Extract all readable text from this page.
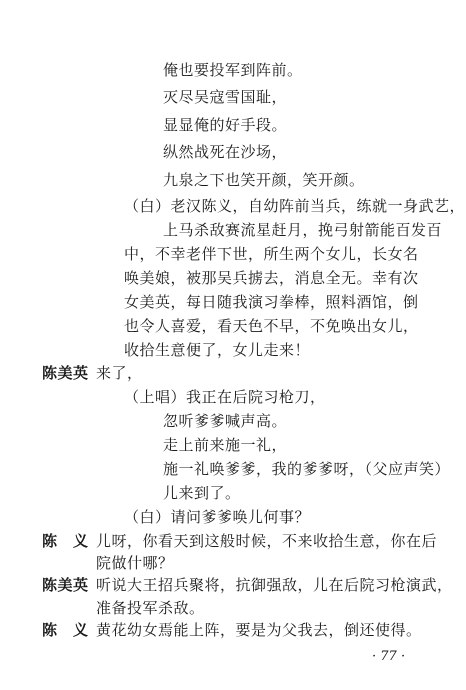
俺也要投军到阵前。
灭尽吴寇雪国耻，
显显俺的好手段。
纵然战死在沙场，
九泉之下也笑开颜，笑开颜。
（白）老汉陈义，自幼阵前当兵，练就一身武艺，
上马杀敌赛流星赶月，挽弓射箭能百发百
中，不幸老伴下世，所生两个女儿，长女名
唤美娘，被那吴兵掳去，消息全无。幸有次
女美英，每日随我演习拳棒，照料酒馆，倒
也令人喜爱，看天色不早，不免唤出女儿，
收拾生意便了，女儿走来！
陈美英 来了，
（上唱）我正在后院习枪刀，
忽听爹爹喊声高。
走上前来施一礼，
施一礼唤爹爹，我的爹爹呀，（父应声笑）
儿来到了。
（白）请问爹爹唤儿何事？
陈　义 儿呀，你看天到这般时候，不来收拾生意，你在后
院做什哪？
陈美英 听说大王招兵聚将，抗御强敌，儿在后院习枪演武，
准备投军杀敌。
陈　义 黄花幼女焉能上阵，要是为父我去，倒还使得。
· 77 ·
